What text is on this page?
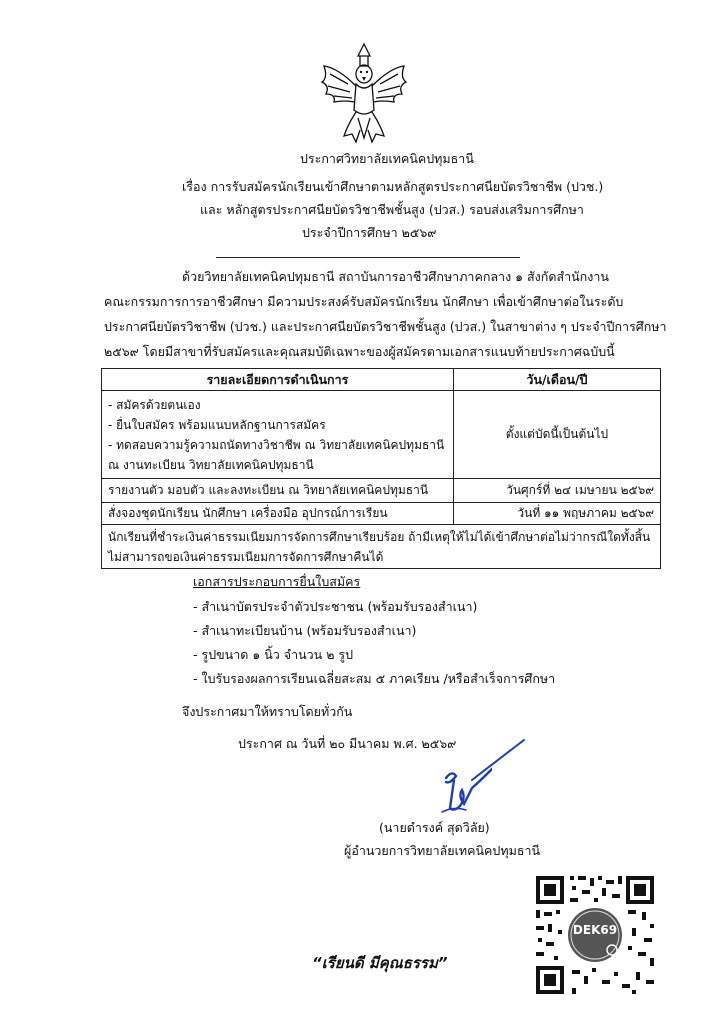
ประกาศวิทยาลัยเทคนิคปทุมธานี
เรื่อง การรับสมัครนักเรียนเข้าศึกษาตามหลักสูตรประกาศนียบัตรวิชาชีพ (ปวช.)
และ หลักสูตรประกาศนียบัตรวิชาชีพชั้นสูง (ปวส.) รอบส่งเสริมการศึกษา
ประจำปีการศึกษา ๒๕๖๙
ด้วยวิทยาลัยเทคนิคปทุมธานี สถาบันการอาชีวศึกษาภาคกลาง ๑ สังกัดสำนักงาน
คณะกรรมการการอาชีวศึกษา มีความประสงค์รับสมัครนักเรียน นักศึกษา เพื่อเข้าศึกษาต่อในระดับ
ประกาศนียบัตรวิชาชีพ (ปวช.) และประกาศนียบัตรวิชาชีพชั้นสูง (ปวส.) ในสาขาต่าง ๆ ประจำปีการศึกษา
๒๕๖๙ โดยมีสาขาที่รับสมัครและคุณสมบัติเฉพาะของผู้สมัครตามเอกสารแนบท้ายประกาศฉบับนี้
รายละเอียดการดำเนินการ	วัน/เดือน/ปี

- สมัครด้วยตนเอง
- ยื่นใบสมัคร พร้อมแนบหลักฐานการสมัคร
- ทดสอบความรู้ความถนัดทางวิชาชีพ ณ วิทยาลัยเทคนิคปทุมธานี
ณ งานทะเบียน วิทยาลัยเทคนิคปทุมธานี	ตั้งแต่บัดนี้เป็นต้นไป
รายงานตัว มอบตัว และลงทะเบียน ณ วิทยาลัยเทคนิคปทุมธานี	วันศุกร์ที่ ๒๔ เมษายน ๒๕๖๙
สั่งจองชุดนักเรียน นักศึกษา เครื่องมือ อุปกรณ์การเรียน	วันที่ ๑๑ พฤษภาคม ๒๕๖๙

นักเรียนที่ชำระเงินค่าธรรมเนียมการจัดการศึกษาเรียบร้อย ถ้ามีเหตุให้ไม่ได้เข้าศึกษาต่อไม่ว่ากรณีใดทั้งสิ้น
ไม่สามารถขอเงินค่าธรรมเนียมการจัดการศึกษาคืนได้	
เอกสารประกอบการยื่นใบสมัคร
- สำเนาบัตรประจำตัวประชาชน (พร้อมรับรองสำเนา)
- สำเนาทะเบียนบ้าน (พร้อมรับรองสำเนา)
- รูปขนาด ๑ นิ้ว จำนวน ๒ รูป
- ใบรับรองผลการเรียนเฉลี่ยสะสม ๕ ภาคเรียน /หรือสำเร็จการศึกษา
จึงประกาศมาให้ทราบโดยทั่วกัน
ประกาศ ณ วันที่ ๒๐ มีนาคม พ.ศ. ๒๕๖๙
(นายดำรงค์ สุดวิลัย)
ผู้อำนวยการวิทยาลัยเทคนิคปทุมธานี
DEK69
“เรียนดี มีคุณธรรม”
